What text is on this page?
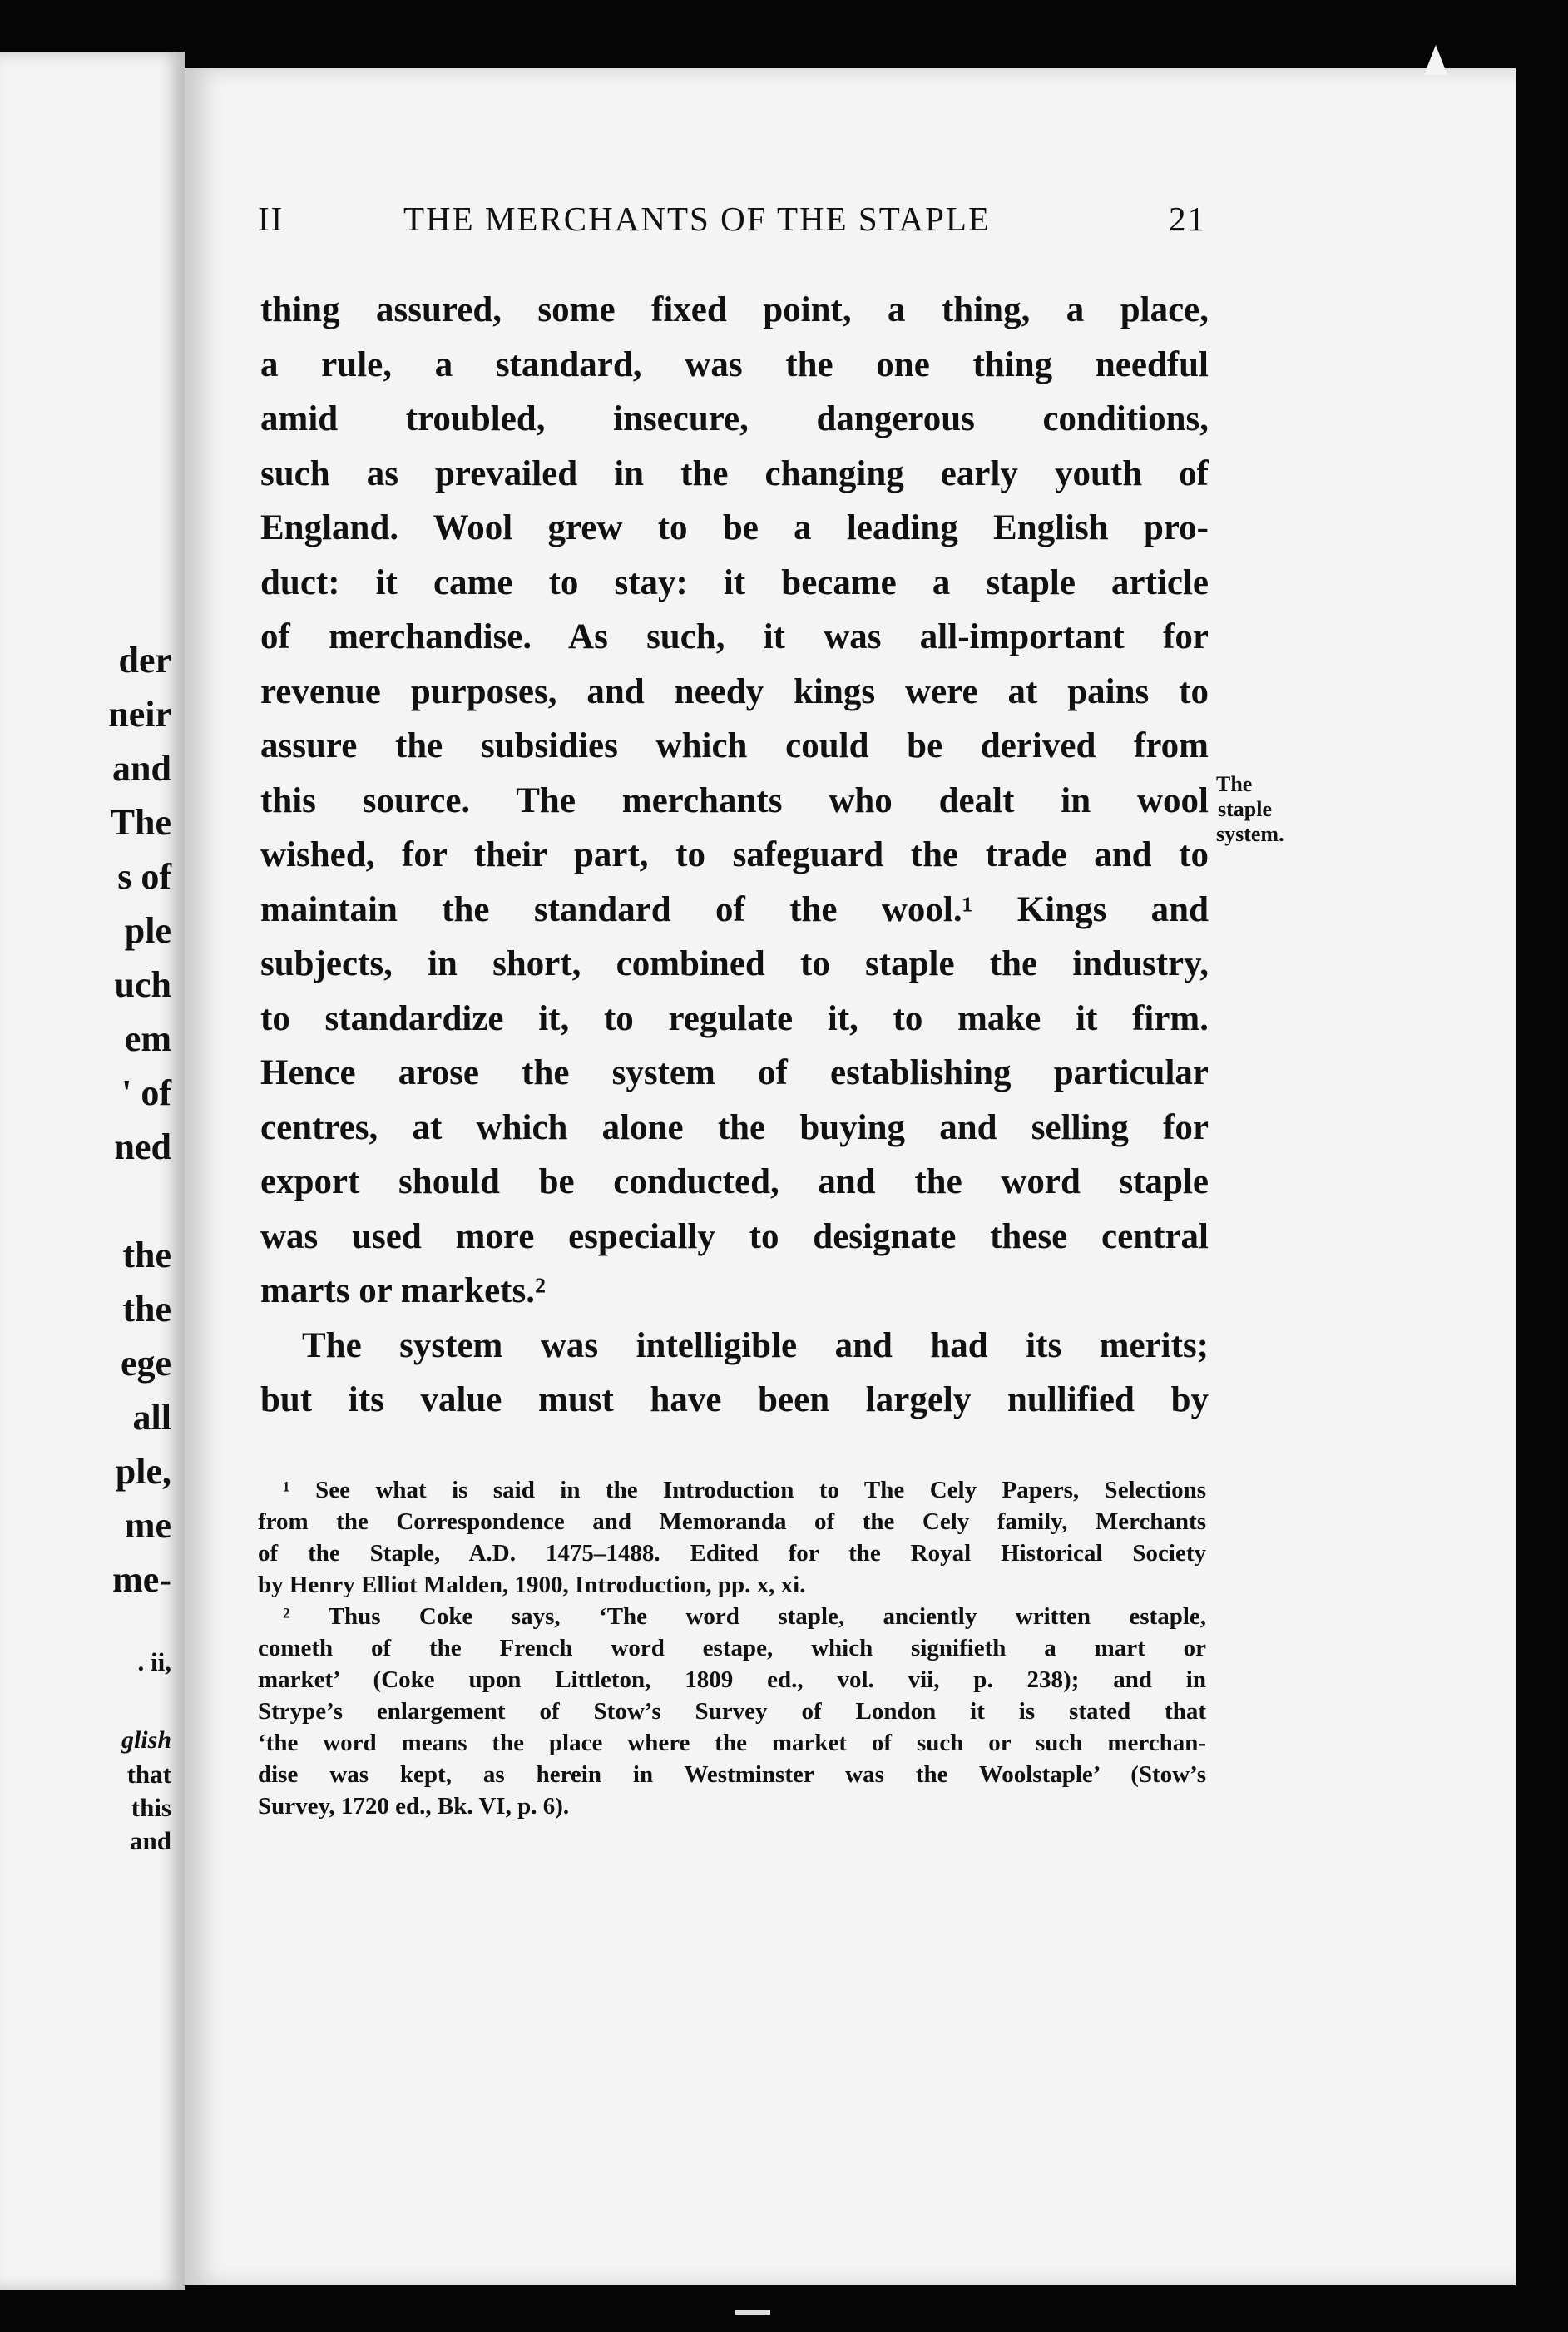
der
neir
and
The
s of
ple
uch
em
' of
ned
the
the
ege
all
ple,
me
me-
. ii,
glish
that
this
and
II	THE MERCHANTS OF THE STAPLE	21
thing assured, some fixed point, a thing, a place,
a rule, a standard, was the one thing needful
amid troubled, insecure, dangerous conditions,
such as prevailed in the changing early youth of
England. Wool grew to be a leading English pro-
duct: it came to stay: it became a staple article
of merchandise. As such, it was all-important for
revenue purposes, and needy kings were at pains to
assure the subsidies which could be derived from
this source. The merchants who dealt in wool
wished, for their part, to safeguard the trade and to
maintain the standard of the wool.¹ Kings and
subjects, in short, combined to staple the industry,
to standardize it, to regulate it, to make it firm.
Hence arose the system of establishing particular
centres, at which alone the buying and selling for
export should be conducted, and the word staple
was used more especially to designate these central
marts or markets.²
The system was intelligible and had its merits;
but its value must have been largely nullified by
The
staple
system.
¹ See what is said in the Introduction to The Cely Papers, Selections
from the Correspondence and Memoranda of the Cely family, Merchants
of the Staple, A.D. 1475–1488. Edited for the Royal Historical Society
by Henry Elliot Malden, 1900, Introduction, pp. x, xi.
² Thus Coke says, ‘The word staple, anciently written estaple,
cometh of the French word estape, which signifieth a mart or
market’ (Coke upon Littleton, 1809 ed., vol. vii, p. 238); and in
Strype’s enlargement of Stow’s Survey of London it is stated that
‘the word means the place where the market of such or such merchan-
dise was kept, as herein in Westminster was the Woolstaple’ (Stow’s
Survey, 1720 ed., Bk. VI, p. 6).
